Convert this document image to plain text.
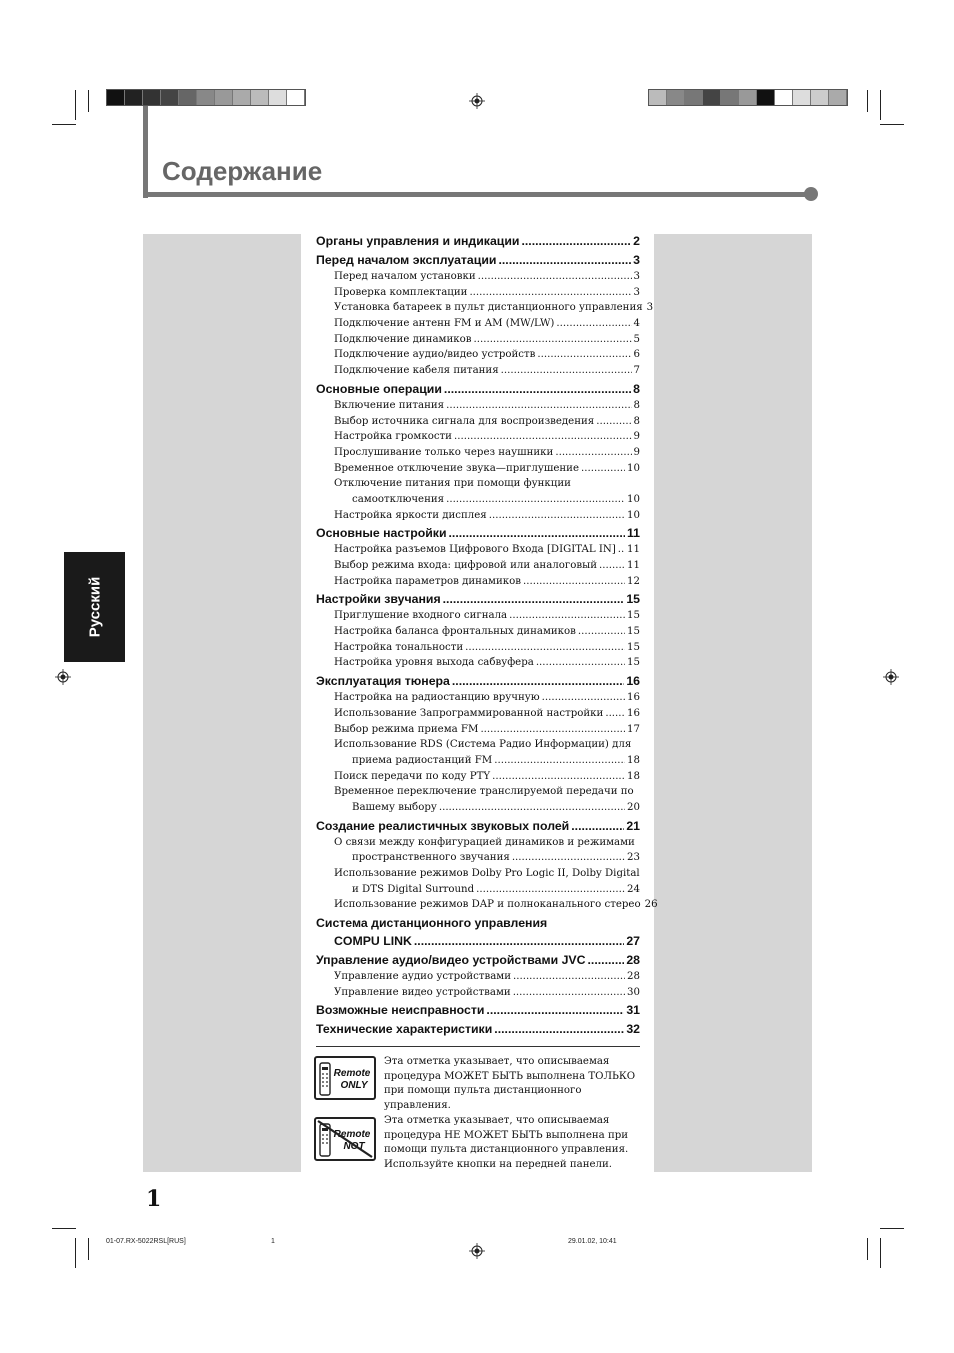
Содержание
Русский
Органы управления и индикации .....	2
Перед началом эксплуатации .....	3
Перед началом установки .....	3
Проверка комплектации .....	3
Установка батареек в пульт дистанционного управления 3
Подключение антенн FM и AM (MW/LW) .....	4
Подключение динамиков .....	5
Подключение аудио/видео устройств .....	6
Подключение кабеля питания .....	7
Основные операции .....	8
Включение питания .....	8
Выбор источника сигнала для воспроизведения .....	8
Настройка громкости .....	9
Прослушивание только через наушники .....	9
Временное отключение звука—приглушение .....	10
Отключение питания при помощи функции
самоотключения .....	10
Настройка яркости дисплея .....	10
Основные настройки .....	11
Настройка разъемов Цифрового Входа [DIGITAL IN] ..... 11
Выбор режима входа: цифровой или аналоговый .....	11
Настройка параметров динамиков .....	12
Настройки звучания .....	15
Приглушение входного сигнала .....	15
Настройка баланса фронтальных динамиков .....	15
Настройка тональности .....	15
Настройка уровня выхода сабвуфера .....	15
Эксплуатация тюнера .....	16
Настройка на радиостанцию вручную .....	16
Использование Запрограммированной настройки ..... 16
Выбор режима приема FM .....	17
Использование RDS (Система Радио Информации) для
приема радиостанций FM .....	18
Поиск передачи по коду PTY .....	18
Временное переключение транслируемой передачи по
Вашему выбору .....	20
Создание реалистичных звуковых полей .....	21
О связи между конфигурацией динамиков и режимами
пространственного звучания .....	23
Использование режимов Dolby Pro Logic II, Dolby Digital
и DTS Digital Surround .....	24
Использование режимов DAP и полноканального стерео 26
Система дистанционного управления
COMPU LINK .....	27
Управление аудио/видео устройствами JVC .....	28
Управление аудио устройствами .....	28
Управление видео устройствами .....	30
Возможные неисправности .....	31
Технические характеристики .....	32
Remote
ONLY
Эта отметка указывает, что описываемая процедура МОЖЕТ БЫТЬ выполнена ТОЛЬКО при помощи пульта дистанционного управления.
Remote
NOT
Эта отметка указывает, что описываемая процедура НЕ МОЖЕТ БЫТЬ выполнена при помощи пульта дистанционного управления. Используйте кнопки на передней панели.
1
01-07.RX-5022RSL[RUS]	1	29.01.02, 10:41
